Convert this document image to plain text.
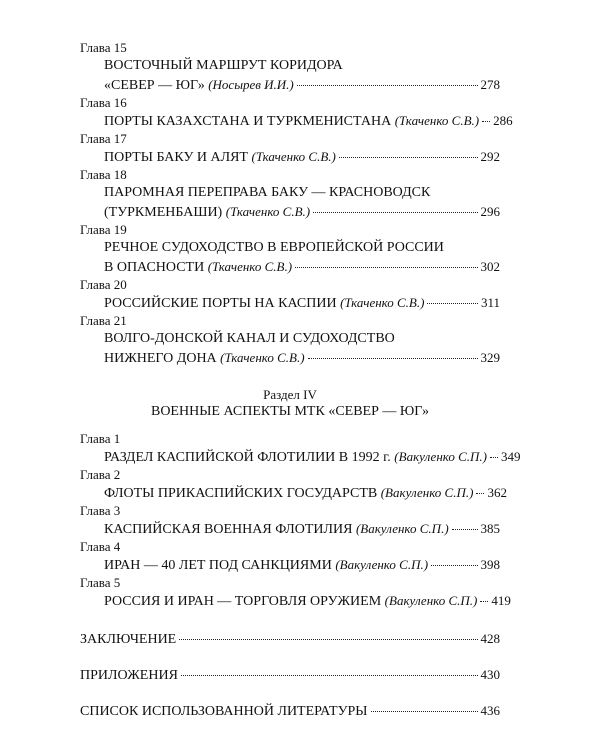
Глава 15
ВОСТОЧНЫЙ МАРШРУТ КОРИДОРА
«СЕВЕР — ЮГ» (Носырев И.И.)	278
Глава 16
ПОРТЫ КАЗАХСТАНА И ТУРКМЕНИСТАНА (Ткаченко С.В.) 286
Глава 17
ПОРТЫ БАКУ И АЛЯТ (Ткаченко С.В.)	292
Глава 18
ПАРОМНАЯ ПЕРЕПРАВА БАКУ — КРАСНОВОДСК
(ТУРКМЕНБАШИ) (Ткаченко С.В.)	296
Глава 19
РЕЧНОЕ СУДОХОДСТВО В ЕВРОПЕЙСКОЙ РОССИИ
В ОПАСНОСТИ (Ткаченко С.В.)	302
Глава 20
РОССИЙСКИЕ ПОРТЫ НА КАСПИИ (Ткаченко С.В.)	311
Глава 21
ВОЛГО-ДОНСКОЙ КАНАЛ И СУДОХОДСТВО
НИЖНЕГО ДОНА (Ткаченко С.В.)	329
Раздел IV
ВОЕННЫЕ АСПЕКТЫ МТК «СЕВЕР — ЮГ»
Глава 1
РАЗДЕЛ КАСПИЙСКОЙ ФЛОТИЛИИ В 1992 г. (Вакуленко С.П.) 349
Глава 2
ФЛОТЫ ПРИКАСПИЙСКИХ ГОСУДАРСТВ (Вакуленко С.П.) 362
Глава 3
КАСПИЙСКАЯ ВОЕННАЯ ФЛОТИЛИЯ (Вакуленко С.П.) 385
Глава 4
ИРАН — 40 ЛЕТ ПОД САНКЦИЯМИ (Вакуленко С.П.)	398
Глава 5
РОССИЯ И ИРАН — ТОРГОВЛЯ ОРУЖИЕМ (Вакуленко С.П.) 419
ЗАКЛЮЧЕНИЕ	428
ПРИЛОЖЕНИЯ	430
СПИСОК ИСПОЛЬЗОВАННОЙ ЛИТЕРАТУРЫ	436
